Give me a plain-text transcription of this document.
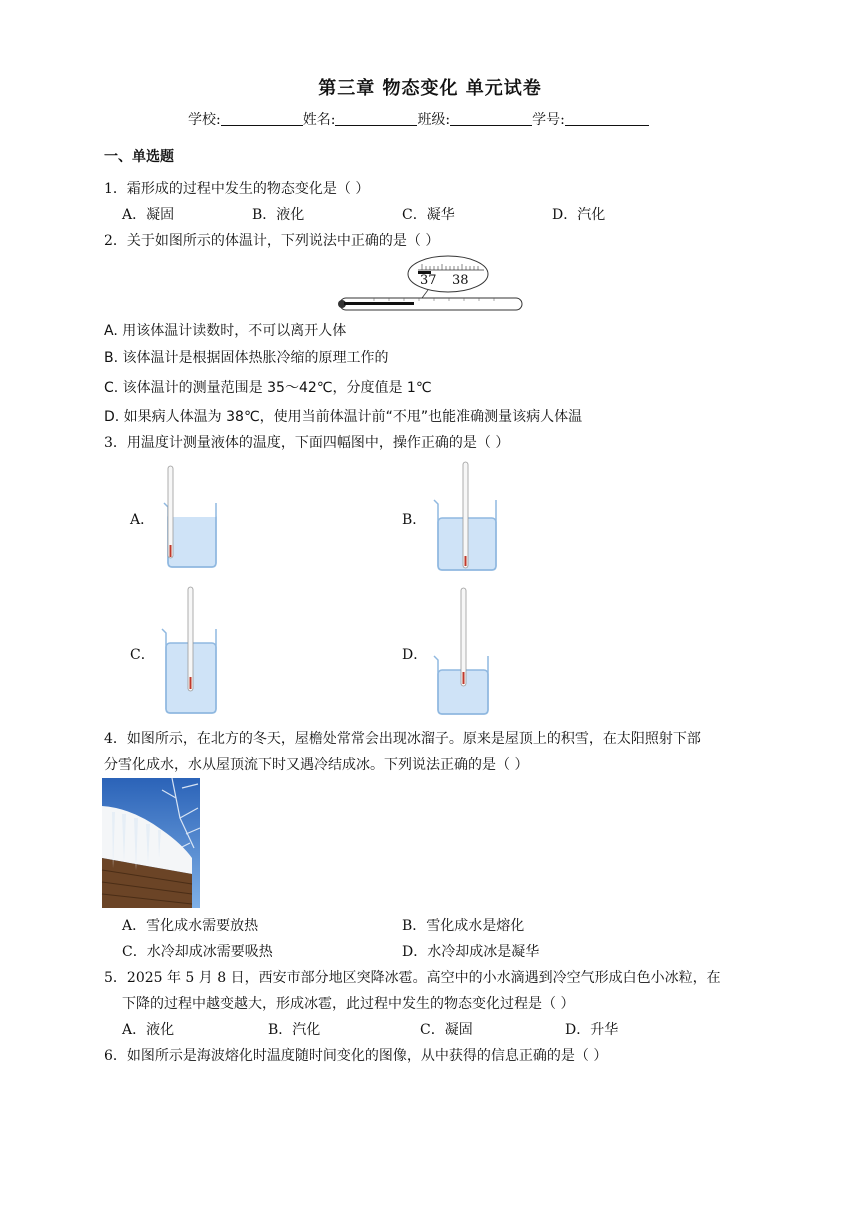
第三章 物态变化 单元试卷
学校:	姓名:	班级:	学号:
一、单选题
1．霜形成的过程中发生的物态变化是（ ）
A．凝固	B．液化	C．凝华	D．汽化
2．关于如图所示的体温计，下列说法中正确的是（ ）
37 38
A. 用该体温计读数时，不可以离开人体
B. 该体温计是根据固体热胀冷缩的原理工作的
C. 该体温计的测量范围是 35～42℃，分度值是 1℃
D. 如果病人体温为 38℃，使用当前体温计前“不甩”也能准确测量该病人体温
3．用温度计测量液体的温度，下面四幅图中，操作正确的是（ ）
A．	B．
C．	D．
4．如图所示，在北方的冬天，屋檐处常常会出现冰溜子。原来是屋顶上的积雪，在太阳照射下部
分雪化成水，水从屋顶流下时又遇冷结成冰。下列说法正确的是（ ）
A．雪化成水需要放热	B．雪化成水是熔化
C．水冷却成冰需要吸热	D．水冷却成冰是凝华
5．2025 年 5 月 8 日，西安市部分地区突降冰雹。高空中的小水滴遇到冷空气形成白色小冰粒，在
下降的过程中越变越大，形成冰雹，此过程中发生的物态变化过程是（ ）
A．液化	B．汽化	C．凝固	D．升华
6．如图所示是海波熔化时温度随时间变化的图像，从中获得的信息正确的是（ ）
